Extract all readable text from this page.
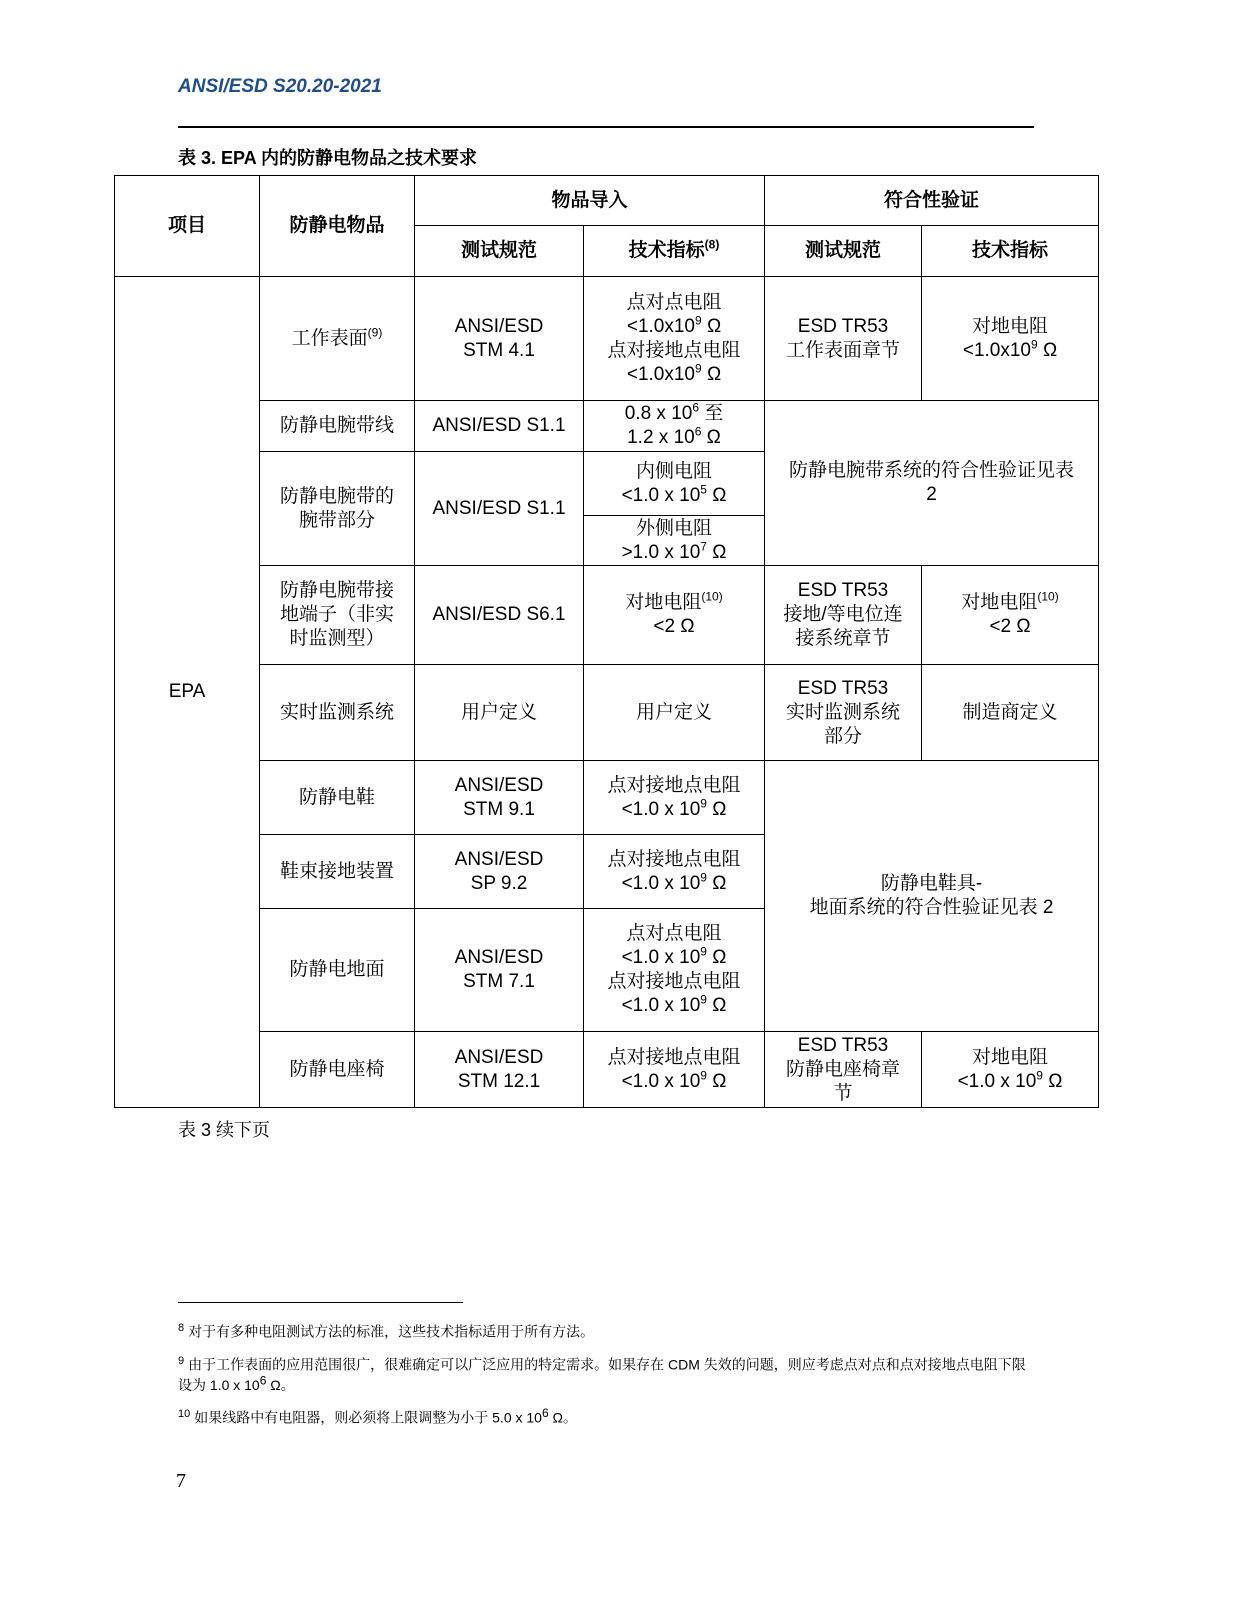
ANSI/ESD S20.20-2021
表 3. EPA 内的防静电物品之技术要求
项目	防静电物品	物品导入		符合性验证	
		测试规范	技术指标$^{(8)}$	测试规范	技术指标
EPA	工作表面$^{(9)}$	ANSI/ESD
STM 4.1	点对点电阻
$<1.0x10^9$ Ω
点对接地点电阻
$<1.0x10^9$ Ω	ESD TR53
工作表面章节	对地电阻
$<1.0x10^9$ Ω

	防静电腕带线	ANSI/ESD S1.1	0.8 x $10^6$ 至
1.2 x $10^6$ Ω	防静电腕带系统的符合性验证见表
2	

	防静电腕带的
腕带部分	ANSI/ESD S1.1	内侧电阻
<1.0 x $10^5$ Ω		

			外侧电阻
>1.0 x $10^7$ Ω		

	防静电腕带接
地端子（非实
时监测型）	ANSI/ESD S6.1	对地电阻$^{(10)}$
<2 Ω	ESD TR53
接地/等电位连
接系统章节	对地电阻$^{(10)}$
<2 Ω

	实时监测系统	用户定义	用户定义	ESD TR53
实时监测系统
部分	制造商定义
	防静电鞋	ANSI/ESD
STM 9.1	点对接地点电阻
<1.0 x $10^9$ Ω	防静电鞋具-
地面系统的符合性验证见表 2	

	鞋束接地装置	ANSI/ESD
SP 9.2	点对接地点电阻
<1.0 x $10^9$ Ω		

	防静电地面	ANSI/ESD
STM 7.1	点对点电阻
<1.0 x $10^9$ Ω
点对接地点电阻
<1.0 x $10^9$ Ω		

	防静电座椅	ANSI/ESD
STM 12.1	点对接地点电阻
<1.0 x $10^9$ Ω	ESD TR53
防静电座椅章
节	对地电阻
<1.0 x $10^9$ Ω
表 3 续下页

$^8$ 对于有多种电阻测试方法的标准，这些技术指标适用于所有方法。

$^9$ 由于工作表面的应用范围很广，很难确定可以广泛应用的特定需求。如果存在 CDM 失效的问题，则应考虑点对点和点对接地点电阻下限设为 1.0 x $10^6$ Ω。

$^{10}$ 如果线路中有电阻器，则必须将上限调整为小于 5.0 x $10^6$ Ω。

7
